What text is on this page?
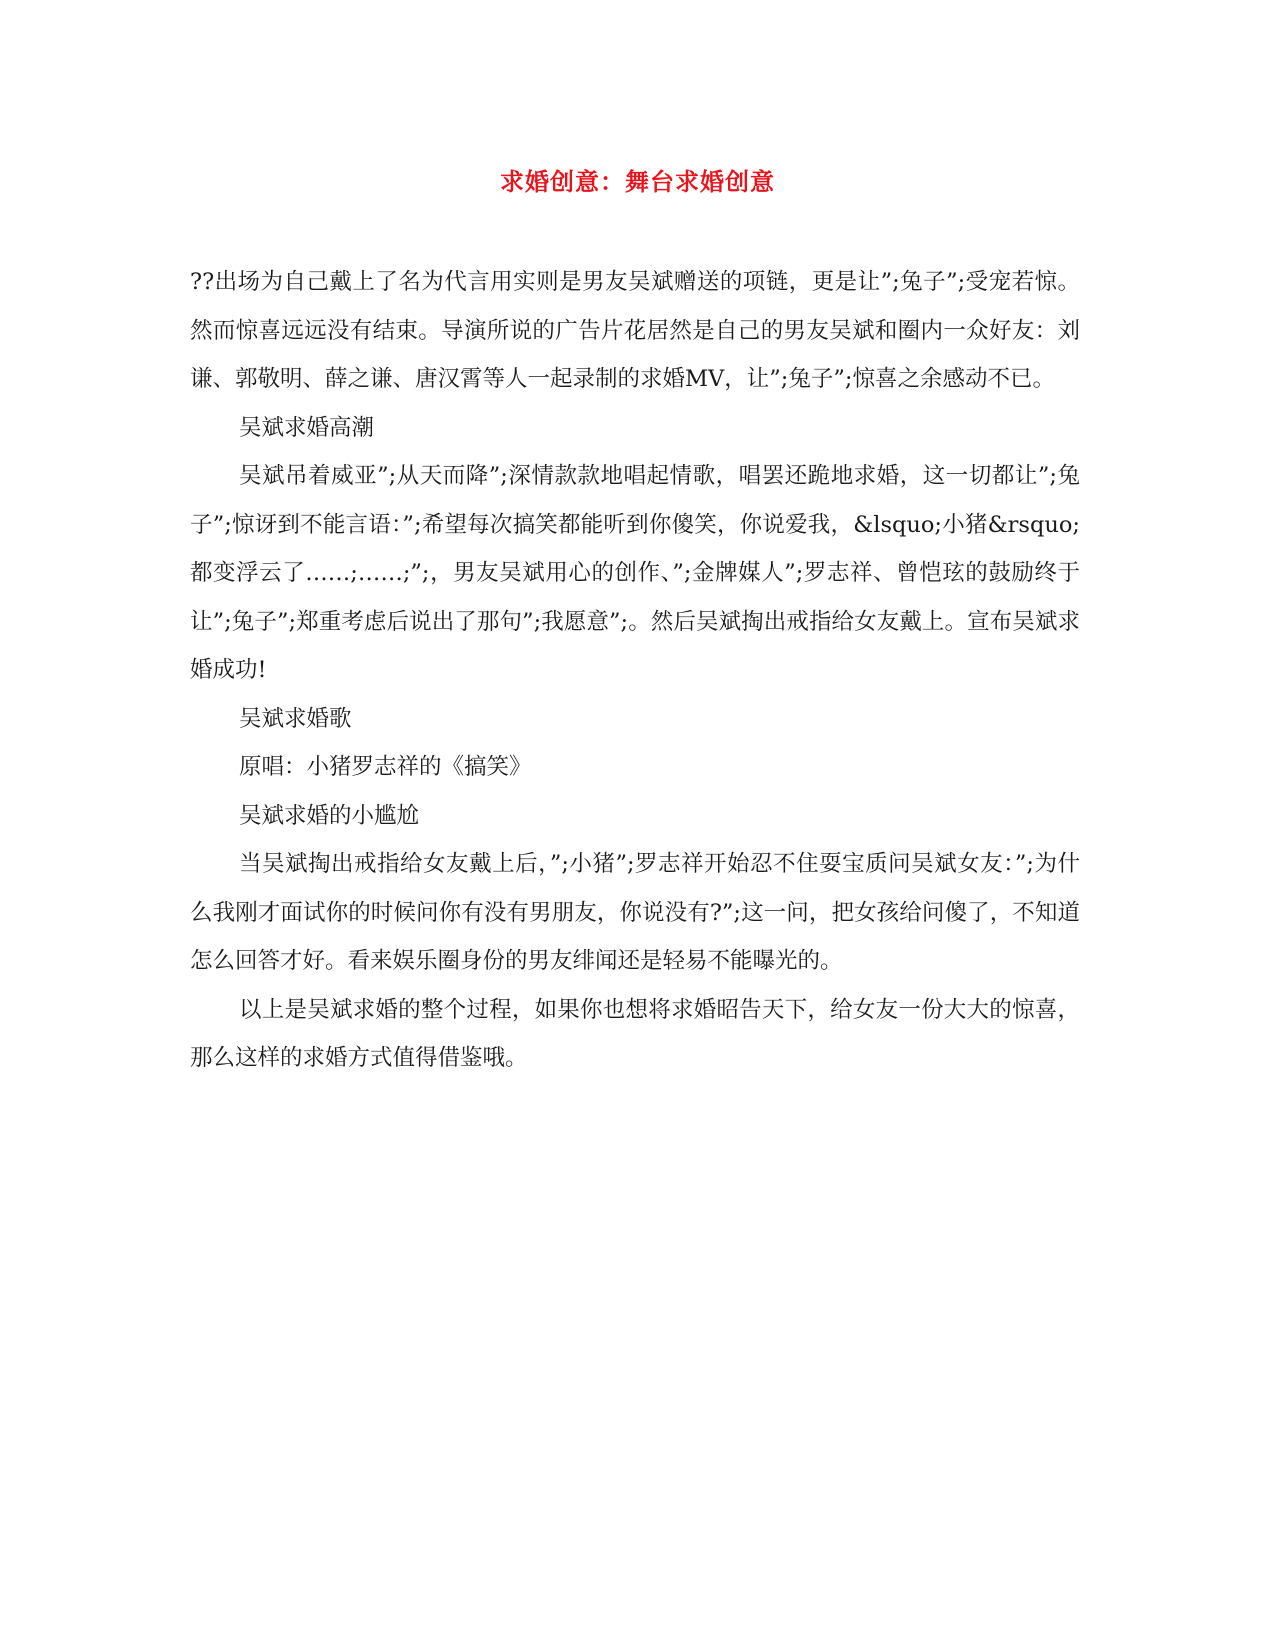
求婚创意：舞台求婚创意

??出场为自己戴上了名为代言用实则是男友吴斌赠送的项链，更是让”;兔子”;受宠若惊。然而惊喜远远没有结束。导演所说的广告片花居然是自己的男友吴斌和圈内一众好友：刘谦、郭敬明、薛之谦、唐汉霄等人一起录制的求婚MV，让”;兔子”;惊喜之余感动不已。

吴斌求婚高潮

吴斌吊着威亚”;从天而降”;深情款款地唱起情歌，唱罢还跪地求婚，这一切都让”;兔子”;惊讶到不能言语：”;希望每次搞笑都能听到你傻笑，你说爱我，&lsquo;小猪&rsquo;都变浮云了……;……;”;，男友吴斌用心的创作、”;金牌媒人”;罗志祥、曾恺玹的鼓励终于让”;兔子”;郑重考虑后说出了那句”;我愿意”;。然后吴斌掏出戒指给女友戴上。宣布吴斌求婚成功!

吴斌求婚歌

原唱：小猪罗志祥的《搞笑》

吴斌求婚的小尴尬

当吴斌掏出戒指给女友戴上后，”;小猪”;罗志祥开始忍不住耍宝质问吴斌女友：”;为什么我刚才面试你的时候问你有没有男朋友，你说没有?”;这一问，把女孩给问傻了，不知道怎么回答才好。看来娱乐圈身份的男友绯闻还是轻易不能曝光的。

以上是吴斌求婚的整个过程，如果你也想将求婚昭告天下，给女友一份大大的惊喜，那么这样的求婚方式值得借鉴哦。
